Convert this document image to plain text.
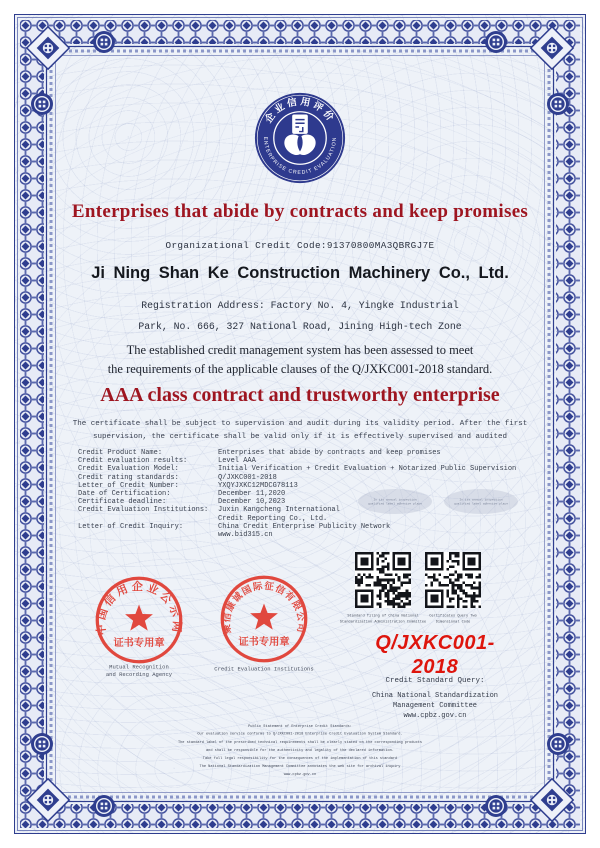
企业信用评价
ENTERPRISE CREDIT EVALUATION
Enterprises that abide by contracts and keep promises
Organizational Credit Code:91370800MA3QBRGJ7E
Ji Ning Shan Ke Construction Machinery Co., Ltd.
Registration Address: Factory No. 4, Yingke Industrial
Park, No. 666, 327 National Road, Jining High-tech Zone
The established credit management system has been assessed to meet
the requirements of the applicable clauses of the Q/JXKC001-2018 standard.
AAA class contract and trustworthy enterprise
The certificate shall be subject to supervision and audit during its validity period. After the first
supervision, the certificate shall be valid only if it is effectively supervised and audited
Credit Product Name:	Enterprises that abide by contracts and keep promises
Credit evaluation results:	Level AAA
Credit Evaluation Model:	Initial Verification + Credit Evaluation + Notarized Public Supervision
Credit rating standards:	Q/JXKC001-2018
Letter of Credit Number:	YXQYJXKC12MDCG78113
Date of Certification:	December 11,2020
Certificate deadline:	December 10,2023
Credit Evaluation Institutions: Juxin Kangcheng International
Credit Reporting Co., Ltd.
Letter of Credit Inquiry:	China Credit Enterprise Publicity Network
www.bid315.cn
In its annual inspection
qualified label adhesive place
In its annual inspection
qualified label adhesive place
中国信用企业公示网
证书专用章
Mutual Recognition
and Recording Agency
聚信康诚国际征信有限公司
证书专用章
Credit Evaluation Institutions
Standard filing of China National
Standardization Administration Committee
Certificates Query Two
Dimensional Code
Q/JXKC001-
2018
Credit Standard Query:
China National Standardization
Management Committee
www.cpbz.gov.cn
Public Statement of Enterprise Credit Standards:
Our evaluation service conforms to Q/JXKC001-2018 Enterprise Credit Evaluation System Standard.
The standard label of the prescribed technical requirements shall be clearly stated on the corresponding products
and shall be responsible for the authenticity and legality of the declared information.
Take full legal responsibility for the consequences of the implementation of this standard
The National Standardization Management Committee annotates the web site for archival inquiry
www.cpbz.gov.cn
